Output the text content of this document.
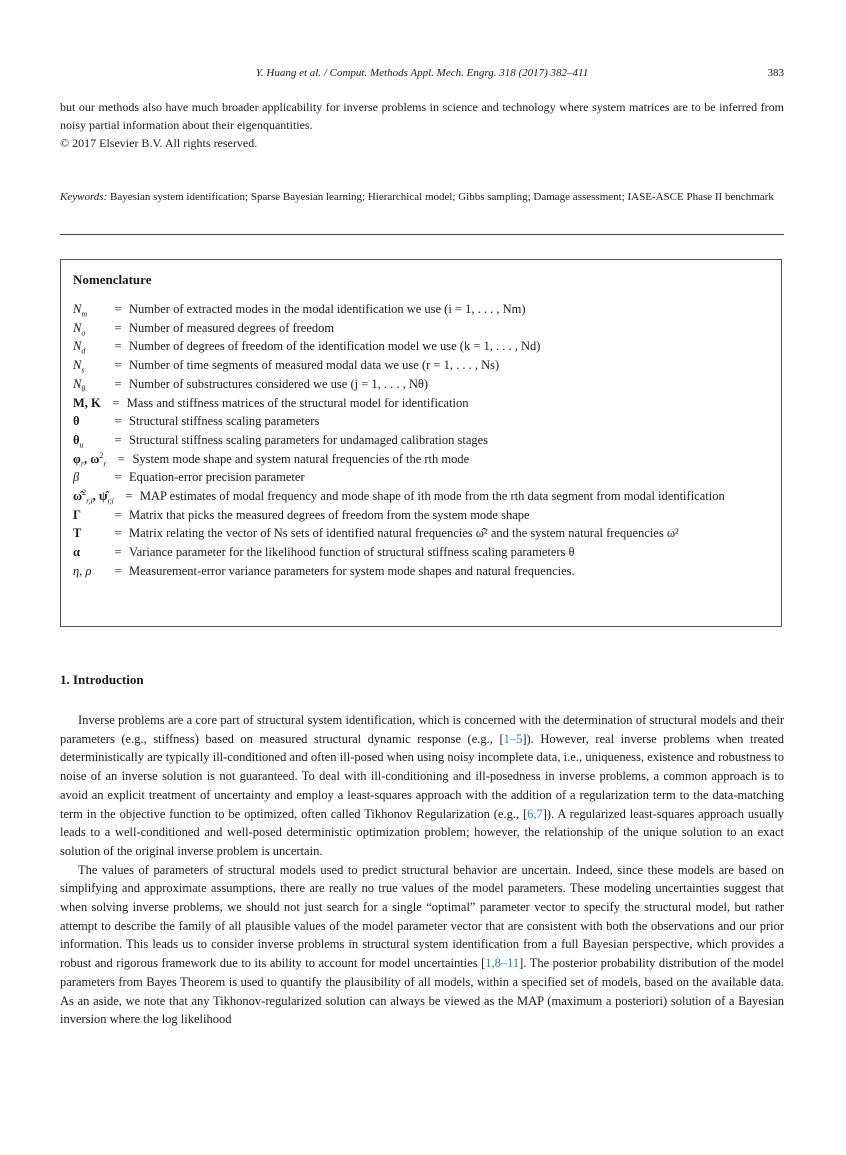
Y. Huang et al. / Comput. Methods Appl. Mech. Engrg. 318 (2017) 382–411	383
but our methods also have much broader applicability for inverse problems in science and technology where system matrices are to be inferred from noisy partial information about their eigenquantities.
© 2017 Elsevier B.V. All rights reserved.
Keywords: Bayesian system identification; Sparse Bayesian learning; Hierarchical model; Gibbs sampling; Damage assessment; IASE-ASCE Phase II benchmark
Nomenclature
$N_m$	= Number of extracted modes in the modal identification we use (i = 1, . . . , Nm)
$N_o$	= Number of measured degrees of freedom
$N_d$	= Number of degrees of freedom of the identification model we use (k = 1, . . . , Nd)
$N_s$	= Number of time segments of measured modal data we use (r = 1, . . . , Ns)
$N_\theta$	= Number of substructures considered we use (j = 1, . . . , Nθ)
M, K = Mass and stiffness matrices of the structural model for identification
θ	= Structural stiffness scaling parameters
$\theta_u$	= Structural stiffness scaling parameters for undamaged calibration stages
$\varphi_r$, $\omega^2_r$ = System mode shape and system natural frequencies of the rth mode
β	= Equation-error precision parameter
ω̂$^2_{r,i}$, $\psî_{r,i}$ = MAP estimates of modal frequency and mode shape of ith mode from the rth data segment from modal identification
Γ	= Matrix that picks the measured degrees of freedom from the system mode shape
T	= Matrix relating the vector of Ns sets of identified natural frequencies ω̂² and the system natural frequencies ω²
α	= Variance parameter for the likelihood function of structural stiffness scaling parameters θ
η, ρ	= Measurement-error variance parameters for system mode shapes and natural frequencies.
1. Introduction

Inverse problems are a core part of structural system identification, which is concerned with the determination of structural models and their parameters (e.g., stiffness) based on measured structural dynamic response (e.g., [1–5]). However, real inverse problems when treated deterministically are typically ill-conditioned and often ill-posed when using noisy incomplete data, i.e., uniqueness, existence and robustness to noise of an inverse solution is not guaranteed. To deal with ill-conditioning and ill-posedness in inverse problems, a common approach is to avoid an explicit treatment of uncertainty and employ a least-squares approach with the addition of a regularization term to the data-matching term in the objective function to be optimized, often called Tikhonov Regularization (e.g., [6,7]). A regularized least-squares approach usually leads to a well-conditioned and well-posed deterministic optimization problem; however, the relationship of the unique solution to an exact solution of the original inverse problem is uncertain.

The values of parameters of structural models used to predict structural behavior are uncertain. Indeed, since these models are based on simplifying and approximate assumptions, there are really no true values of the model parameters. These modeling uncertainties suggest that when solving inverse problems, we should not just search for a single “optimal” parameter vector to specify the structural model, but rather attempt to describe the family of all plausible values of the model parameter vector that are consistent with both the observations and our prior information. This leads us to consider inverse problems in structural system identification from a full Bayesian perspective, which provides a robust and rigorous framework due to its ability to account for model uncertainties [1,8–11]. The posterior probability distribution of the model parameters from Bayes Theorem is used to quantify the plausibility of all models, within a specified set of models, based on the available data. As an aside, we note that any Tikhonov-regularized solution can always be viewed as the MAP (maximum a posteriori) solution of a Bayesian inversion where the log likelihood
